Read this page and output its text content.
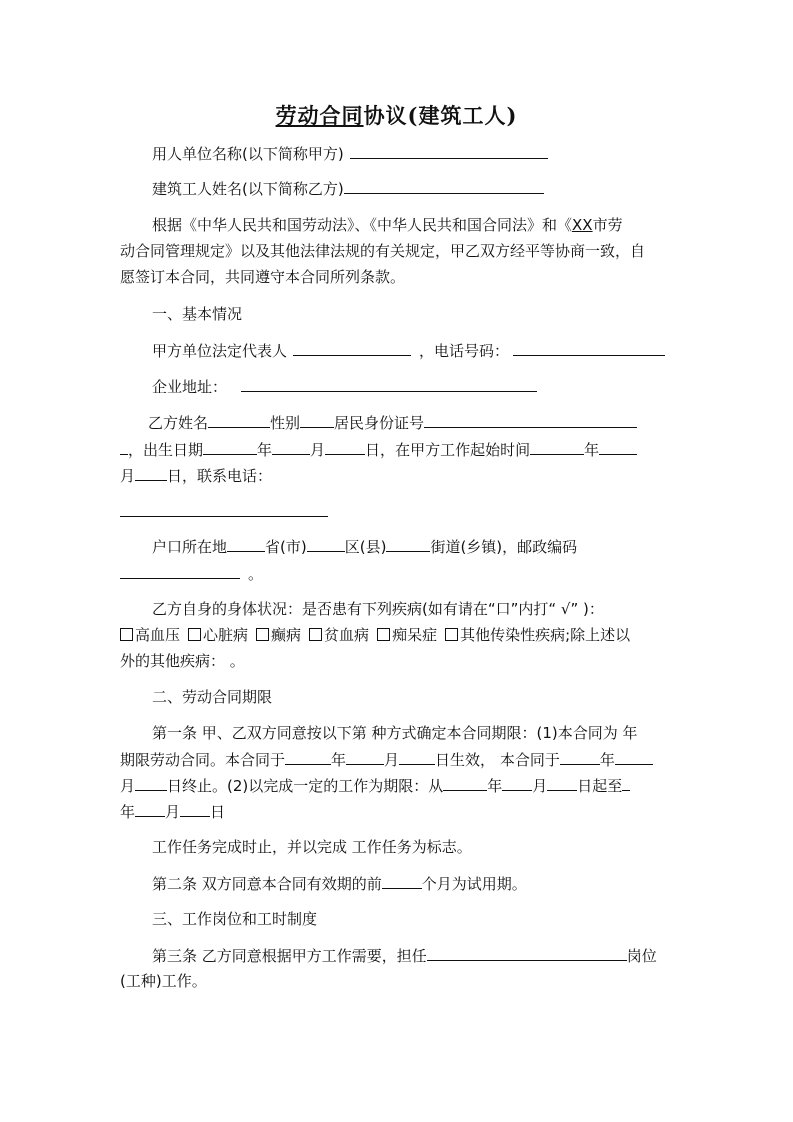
劳动合同协议(建筑工人)
用人单位名称(以下简称甲方)
建筑工人姓名(以下简称乙方)
根据《中华人民共和国劳动法》、《中华人民共和国合同法》和《XX市劳
动合同管理规定》以及其他法律法规的有关规定，甲乙双方经平等协商一致，自
愿签订本合同，共同遵守本合同所列条款。
一、基本情况
甲方单位法定代表人	，电话号码：
企业地址：
乙方姓名	性别 居民身份证号
，出生日期	年	月	日，在甲方工作起始时间	年
月 日，联系电话：
户口所在地	省(市)	区(县)	街道(乡镇)，邮政编码
。
乙方自身的身体状况：是否患有下列疾病(如有请在“口”内打“ √” )：
高血压 心脏病 癫病 贫血病 痴呆症 其他传染性疾病;除上述以
外的其他疾病： 。
二、劳动合同期限
第一条 甲、乙双方同意按以下第 种方式确定本合同期限：(1)本合同为 年
期限劳动合同。本合同于	年	月 日生效， 本合同于	年
月 日终止。(2)以完成一定的工作为期限：从	年 月 日起至
年 月 日
工作任务完成时止，并以完成 工作任务为标志。
第二条 双方同意本合同有效期的前	个月为试用期。
三、工作岗位和工时制度
第三条 乙方同意根据甲方工作需要，担任	岗位
(工种)工作。
